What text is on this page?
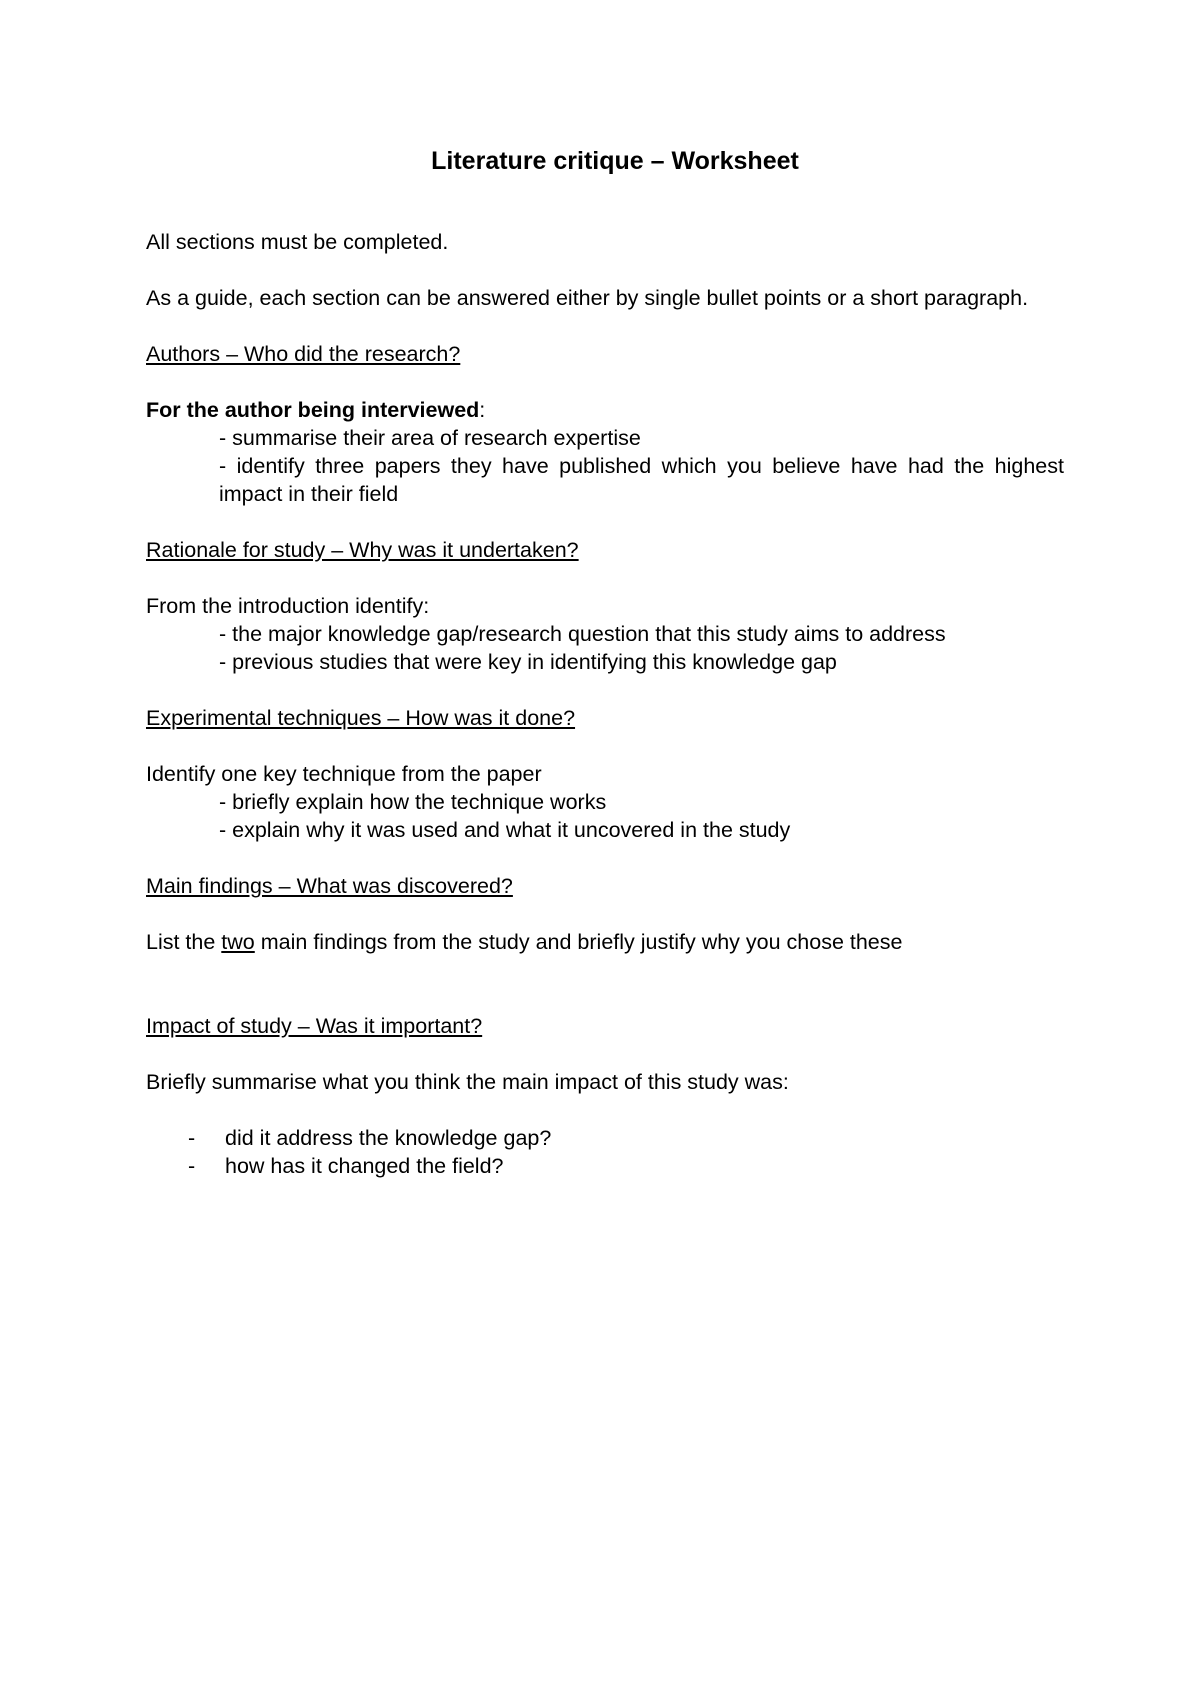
Literature critique – Worksheet

All sections must be completed.

As a guide, each section can be answered either by single bullet points or a short paragraph.

Authors – Who did the research?

For the author being interviewed:

- summarise their area of research expertise

- identify three papers they have published which you believe have had the highest impact in their field

Rationale for study – Why was it undertaken?

From the introduction identify:

- the major knowledge gap/research question that this study aims to address

- previous studies that were key in identifying this knowledge gap

Experimental techniques – How was it done?

Identify one key technique from the paper

- briefly explain how the technique works

- explain why it was used and what it uncovered in the study

Main findings – What was discovered?

List the two main findings from the study and briefly justify why you chose these

Impact of study – Was it important?

Briefly summarise what you think the main impact of this study was:

-	did it address the knowledge gap?
-	how has it changed the field?
